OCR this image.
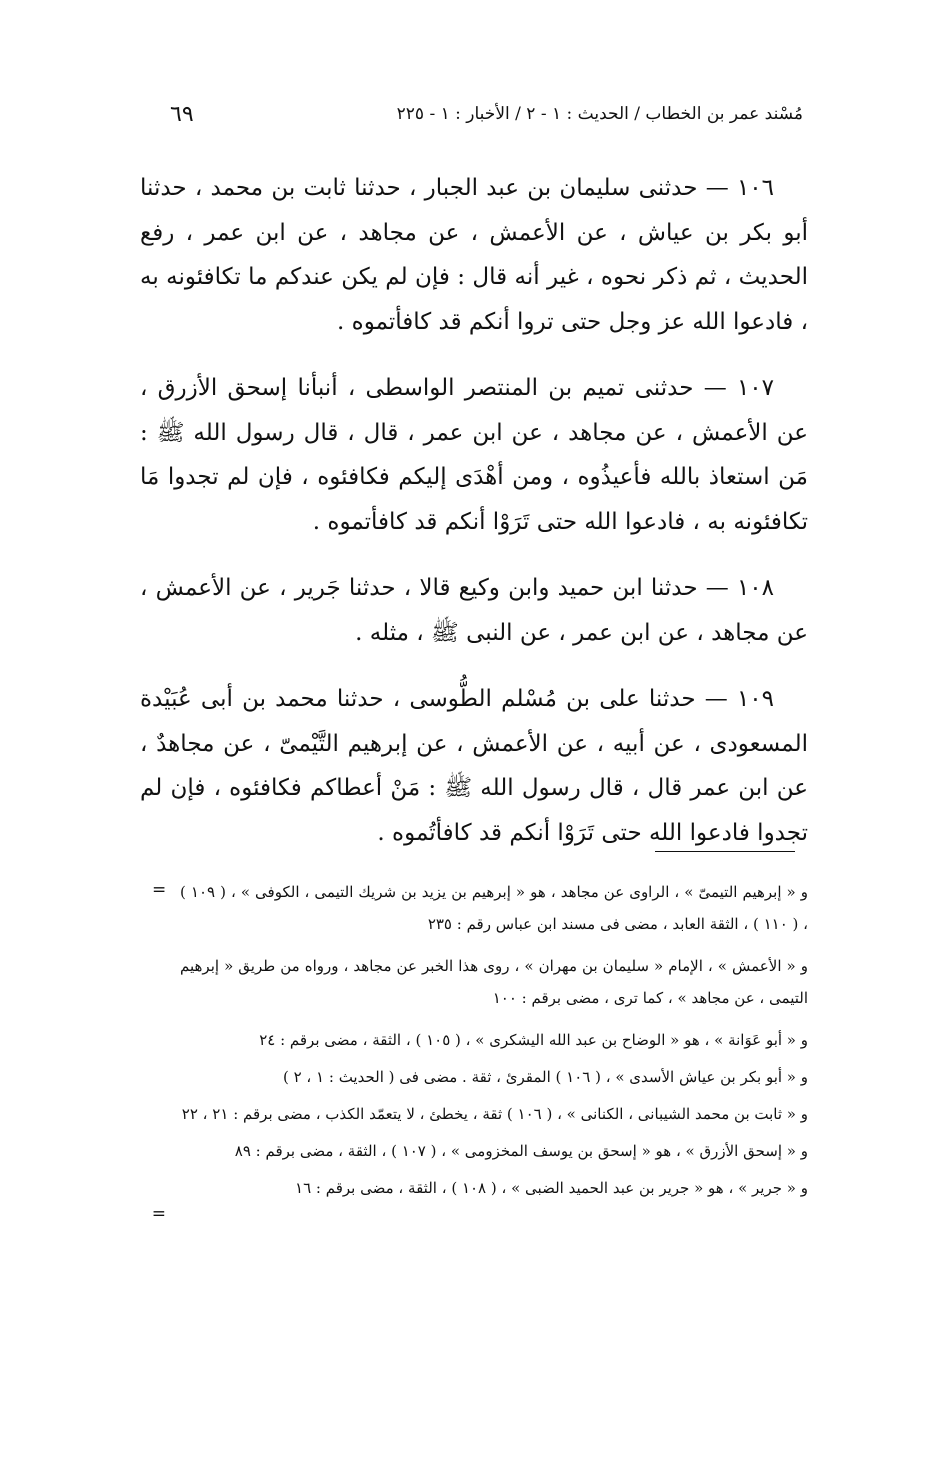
مُسْند عمر بن الخطاب / الحديث : ١ - ٢ / الأخبار : ١ - ٢٢٥
٦٩

١٠٦ — حدثنى سليمان بن عبد الجبار ، حدثنا ثابت بن محمد ، حدثنا أبو بكر بن عياش ، عن الأعمش ، عن مجاهد ، عن ابن عمر ، رفع الحديث ، ثم ذكر نحوه ، غير أنه قال : فإن لم يكن عندكم ما تكافئونه به ، فادعوا الله عز وجل حتى تروا أنكم قد كافأتموه .

١٠٧ — حدثنى تميم بن المنتصر الواسطى ، أنبأنا إسحق الأزرق ، عن الأعمش ، عن مجاهد ، عن ابن عمر ، قال ، قال رسول الله ﷺ : مَن استعاذ بالله فأعيذُوه ، ومن أهْدَى إليكم فكافئوه ، فإن لم تجدوا مَا تكافئونه به ، فادعوا الله حتى تَرَوْا أنكم قد كافأتموه .

١٠٨ — حدثنا ابن حميد وابن وكيع قالا ، حدثنا جَرير ، عن الأعمش ، عن مجاهد ، عن ابن عمر ، عن النبى ﷺ ، مثله .

١٠٩ — حدثنا على بن مُسْلم الطُّوسى ، حدثنا محمد بن أبى عُبَيْدة المسعودى ، عن أبيه ، عن الأعمش ، عن إبرهيم التَّيْمىّ ، عن مجاهدٌ ، عن ابن عمر قال ، قال رسول الله ﷺ : مَنْ أعطاكم فكافئوه ، فإن لم تجدوا فادعوا الله حتى تَرَوْا أنكم قد كافأتُموه .

= و « إبرهيم التيمىّ » ، الراوى عن مجاهد ، هو « إبرهيم بن يزيد بن شريك التيمى ، الكوفى » ، ( ١٠٩ ) ، ( ١١٠ ) ، الثقة العابد ، مضى فى مسند ابن عباس رقم : ٢٣٥

و « الأعمش » ، الإمام « سليمان بن مهران » ، روى هذا الخبر عن مجاهد ، ورواه من طريق « إبرهيم التيمى ، عن مجاهد » ، كما ترى ، مضى برقم : ١٠٠

و « أبو عَوَانة » ، هو « الوضاح بن عبد الله اليشكرى » ، ( ١٠٥ ) ، الثقة ، مضى برقم : ٢٤

و « أبو بكر بن عياش الأسدى » ، ( ١٠٦ ) المقرئ ، ثقة . مضى فى ( الحديث : ١ ، ٢ )

و « ثابت بن محمد الشيبانى ، الكنانى » ، ( ١٠٦ ) ثقة ، يخطئ ، لا يتعمّد الكذب ، مضى برقم : ٢١ ، ٢٢

و « إسحق الأزرق » ، هو « إسحق بن يوسف المخزومى » ، ( ١٠٧ ) ، الثقة ، مضى برقم : ٨٩

و « جرير » ، هو « جرير بن عبد الحميد الضبى » ، ( ١٠٨ ) ، الثقة ، مضى برقم : ١٦

=
